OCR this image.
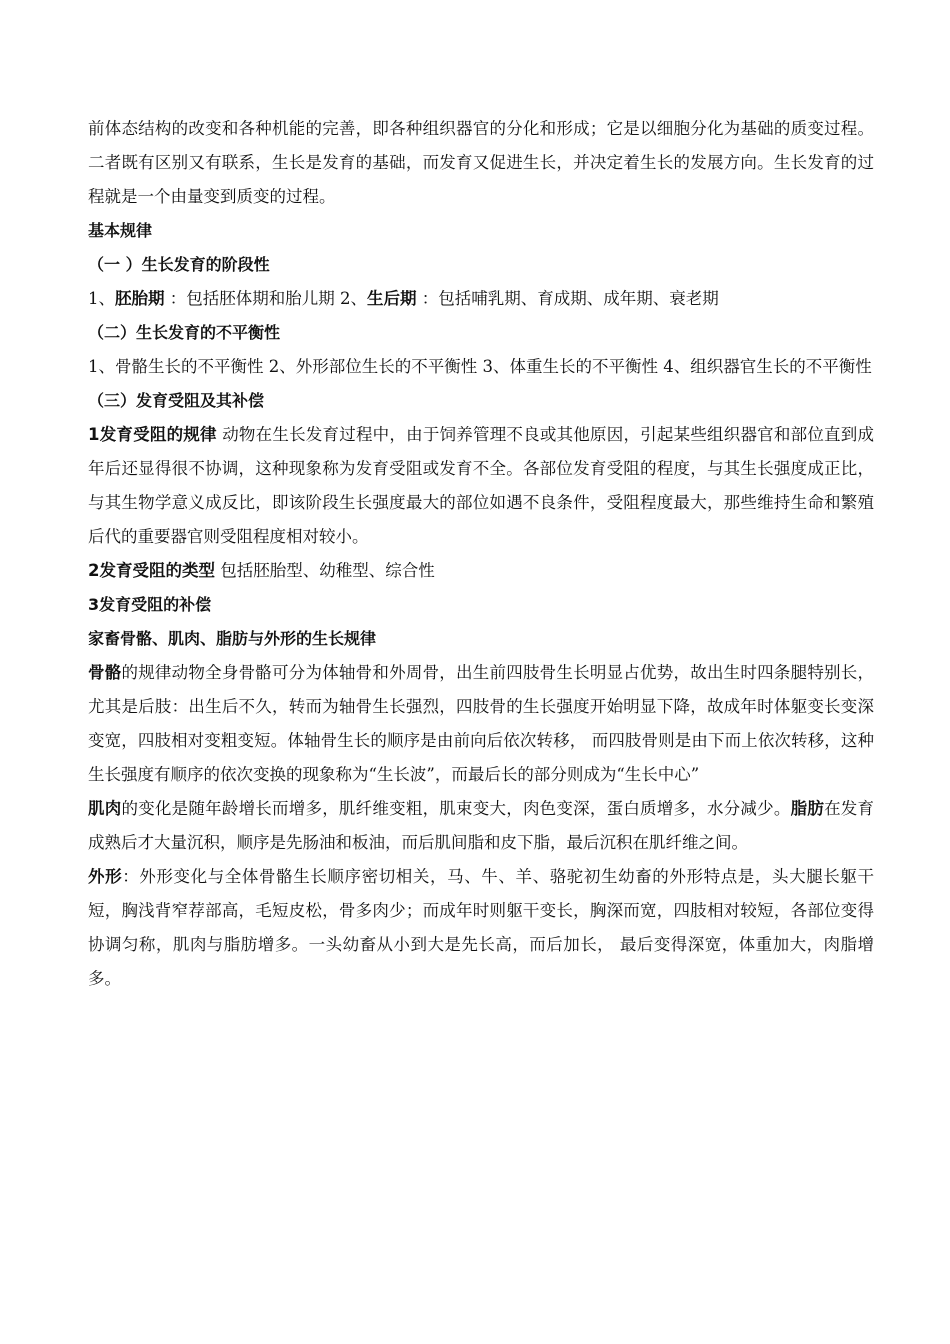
前体态结构的改变和各种机能的完善，即各种组织器官的分化和形成；它是以细胞分化为基础的质变过程。二者既有区别又有联系，生长是发育的基础，而发育又促进生长，并决定着生长的发展方向。生长发育的过程就是一个由量变到质变的过程。

基本规律

（一 ）生长发育的阶段性

1、胚胎期 ：包括胚体期和胎儿期 2、生后期 ：包括哺乳期、育成期、成年期、衰老期

（二）生长发育的不平衡性

1、骨骼生长的不平衡性 2、外形部位生长的不平衡性 3、体重生长的不平衡性 4、组织器官生长的不平衡性

（三）发育受阻及其补偿

1发育受阻的规律 动物在生长发育过程中，由于饲养管理不良或其他原因，引起某些组织器官和部位直到成年后还显得很不协调，这种现象称为发育受阻或发育不全。各部位发育受阻的程度，与其生长强度成正比，与其生物学意义成反比，即该阶段生长强度最大的部位如遇不良条件，受阻程度最大，那些维持生命和繁殖后代的重要器官则受阻程度相对较小。

2发育受阻的类型 包括胚胎型、幼稚型、综合性

3发育受阻的补偿

家畜骨骼、肌肉、脂肪与外形的生长规律

骨骼的规律动物全身骨骼可分为体轴骨和外周骨，出生前四肢骨生长明显占优势，故出生时四条腿特别长，尤其是后肢：出生后不久，转而为轴骨生长强烈，四肢骨的生长强度开始明显下降，故成年时体躯变长变深变宽，四肢相对变粗变短。体轴骨生长的顺序是由前向后依次转移， 而四肢骨则是由下而上依次转移，这种生长强度有顺序的依次变换的现象称为“生长波”，而最后长的部分则成为“生长中心”

肌肉的变化是随年龄增长而增多，肌纤维变粗，肌束变大，肉色变深，蛋白质增多，水分减少。脂肪在发育成熟后才大量沉积，顺序是先肠油和板油，而后肌间脂和皮下脂，最后沉积在肌纤维之间。

外形：外形变化与全体骨骼生长顺序密切相关，马、牛、羊、骆驼初生幼畜的外形特点是，头大腿长躯干短，胸浅背窄荐部高，毛短皮松，骨多肉少；而成年时则躯干变长，胸深而宽，四肢相对较短，各部位变得协调匀称，肌肉与脂肪增多。一头幼畜从小到大是先长高，而后加长， 最后变得深宽，体重加大，肉脂增多。
